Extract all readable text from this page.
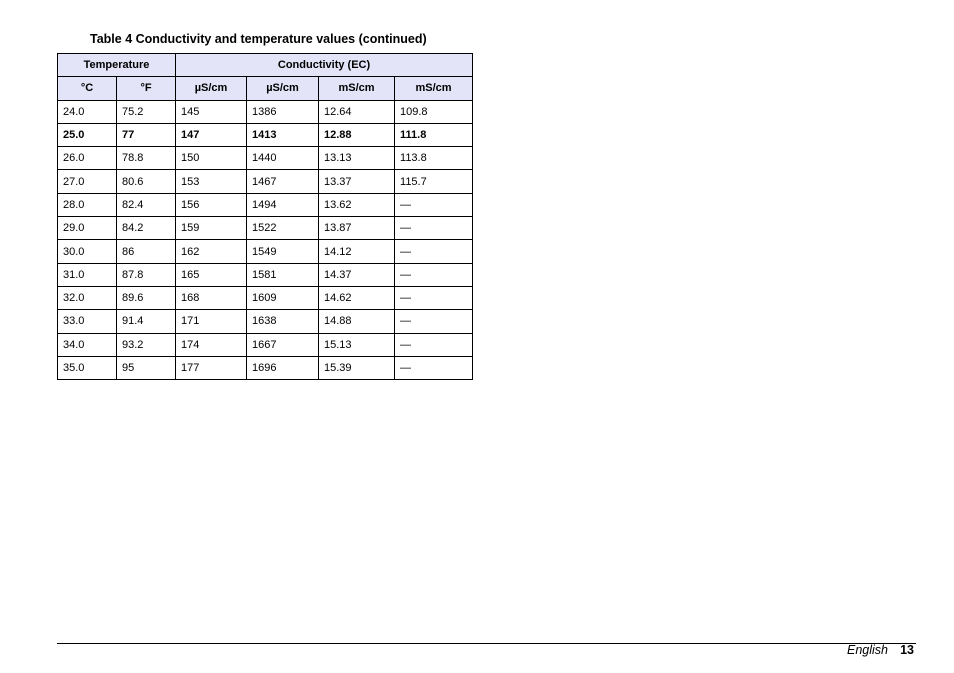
Table 4 Conductivity and temperature values (continued)
Temperature		Conductivity (EC)			
°C	°F	µS/cm	µS/cm	mS/cm	mS/cm
24.0	75.2	145	1386	12.64	109.8
25.0	77	147	1413	12.88	111.8
26.0	78.8	150	1440	13.13	113.8
27.0	80.6	153	1467	13.37	115.7
28.0	82.4	156	1494	13.62	—
29.0	84.2	159	1522	13.87	—
30.0	86	162	1549	14.12	—
31.0	87.8	165	1581	14.37	—
32.0	89.6	168	1609	14.62	—
33.0	91.4	171	1638	14.88	—
34.0	93.2	174	1667	15.13	—
35.0	95	177	1696	15.39	—
English 13
